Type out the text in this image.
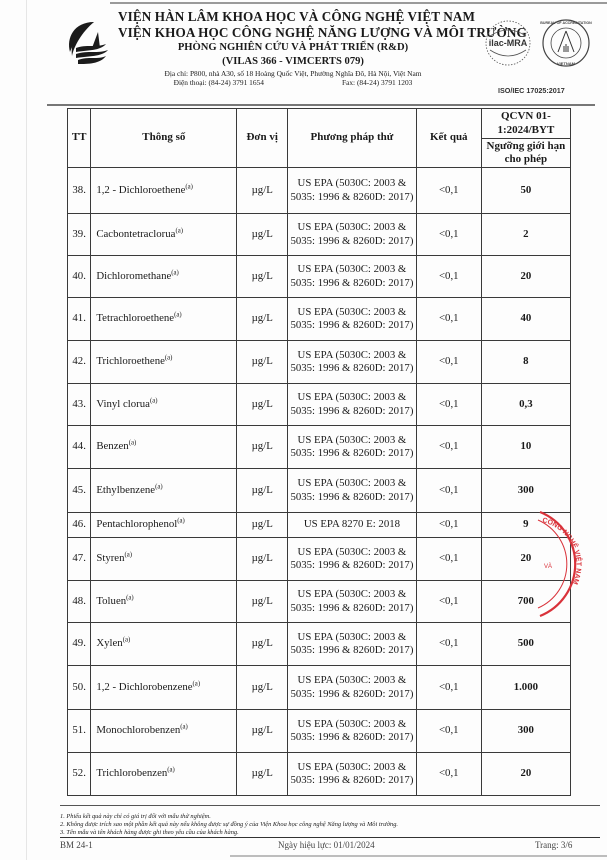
VIỆN HÀN LÂM KHOA HỌC VÀ CÔNG NGHỆ VIỆT NAM
VIỆN KHOA HỌC CÔNG NGHỆ NĂNG LƯỢNG VÀ MÔI TRƯỜNG
PHÒNG NGHIÊN CỨU VÀ PHÁT TRIỂN (R&D)
(VILAS 366 - VIMCERTS 079)
Địa chỉ: P800, nhà A30, số 18 Hoàng Quốc Việt, Phường Nghĩa Đô, Hà Nội, Việt Nam
Điện thoại: (84-24) 3791 1654	Fax: (84-24) 3791 1203
ilac-MRA
BUREAU OF ACCREDITATION
VIETNAM
ISO/IEC 17025:2017
TT	Thông số	Đơn vị	Phương pháp thử	Kết quả	QCVN 01-1:2024/BYT
					Ngưỡng giới hạn cho phép
38.	1,2 - Dichloroethene$^{(a)}$	µg/L	US EPA (5030C: 2003 & 5035: 1996 & 8260D: 2017)	<0,1	50
39.	Cacbontetraclorua$^{(a)}$	µg/L	US EPA (5030C: 2003 & 5035: 1996 & 8260D: 2017)	<0,1	2
40.	Dichloromethane$^{(a)}$	µg/L	US EPA (5030C: 2003 & 5035: 1996 & 8260D: 2017)	<0,1	20
41.	Tetrachloroethene$^{(a)}$	µg/L	US EPA (5030C: 2003 & 5035: 1996 & 8260D: 2017)	<0,1	40
42.	Trichloroethene$^{(a)}$	µg/L	US EPA (5030C: 2003 & 5035: 1996 & 8260D: 2017)	<0,1	8
43.	Vinyl clorua$^{(a)}$	µg/L	US EPA (5030C: 2003 & 5035: 1996 & 8260D: 2017)	<0,1	0,3
44.	Benzen$^{(a)}$	µg/L	US EPA (5030C: 2003 & 5035: 1996 & 8260D: 2017)	<0,1	10
45.	Ethylbenzene$^{(a)}$	µg/L	US EPA (5030C: 2003 & 5035: 1996 & 8260D: 2017)	<0,1	300
46.	Pentachlorophenol$^{(a)}$	µg/L	US EPA 8270 E: 2018	<0,1	9
47.	Styren$^{(a)}$	µg/L	US EPA (5030C: 2003 & 5035: 1996 & 8260D: 2017)	<0,1	20
48.	Toluen$^{(a)}$	µg/L	US EPA (5030C: 2003 & 5035: 1996 & 8260D: 2017)	<0,1	700
49.	Xylen$^{(a)}$	µg/L	US EPA (5030C: 2003 & 5035: 1996 & 8260D: 2017)	<0,1	500
50.	1,2 - Dichlorobenzene$^{(a)}$	µg/L	US EPA (5030C: 2003 & 5035: 1996 & 8260D: 2017)	<0,1	1.000
51.	Monochlorobenzen$^{(a)}$	µg/L	US EPA (5030C: 2003 & 5035: 1996 & 8260D: 2017)	<0,1	300
52.	Trichlorobenzen$^{(a)}$	µg/L	US EPA (5030C: 2003 & 5035: 1996 & 8260D: 2017)	<0,1	20
CÔNG NGHỆ VIỆT NAM
VÀ
1. Phiếu kết quả này chỉ có giá trị đối với mẫu thử nghiệm.
2. Không được trích sao một phần kết quả này nếu không được sự đồng ý của Viện Khoa học công nghệ Năng lượng và Môi trường.
3. Tên mẫu và tên khách hàng được ghi theo yêu cầu của khách hàng.
BM 24-1	Ngày hiệu lực: 01/01/2024	Trang: 3/6
